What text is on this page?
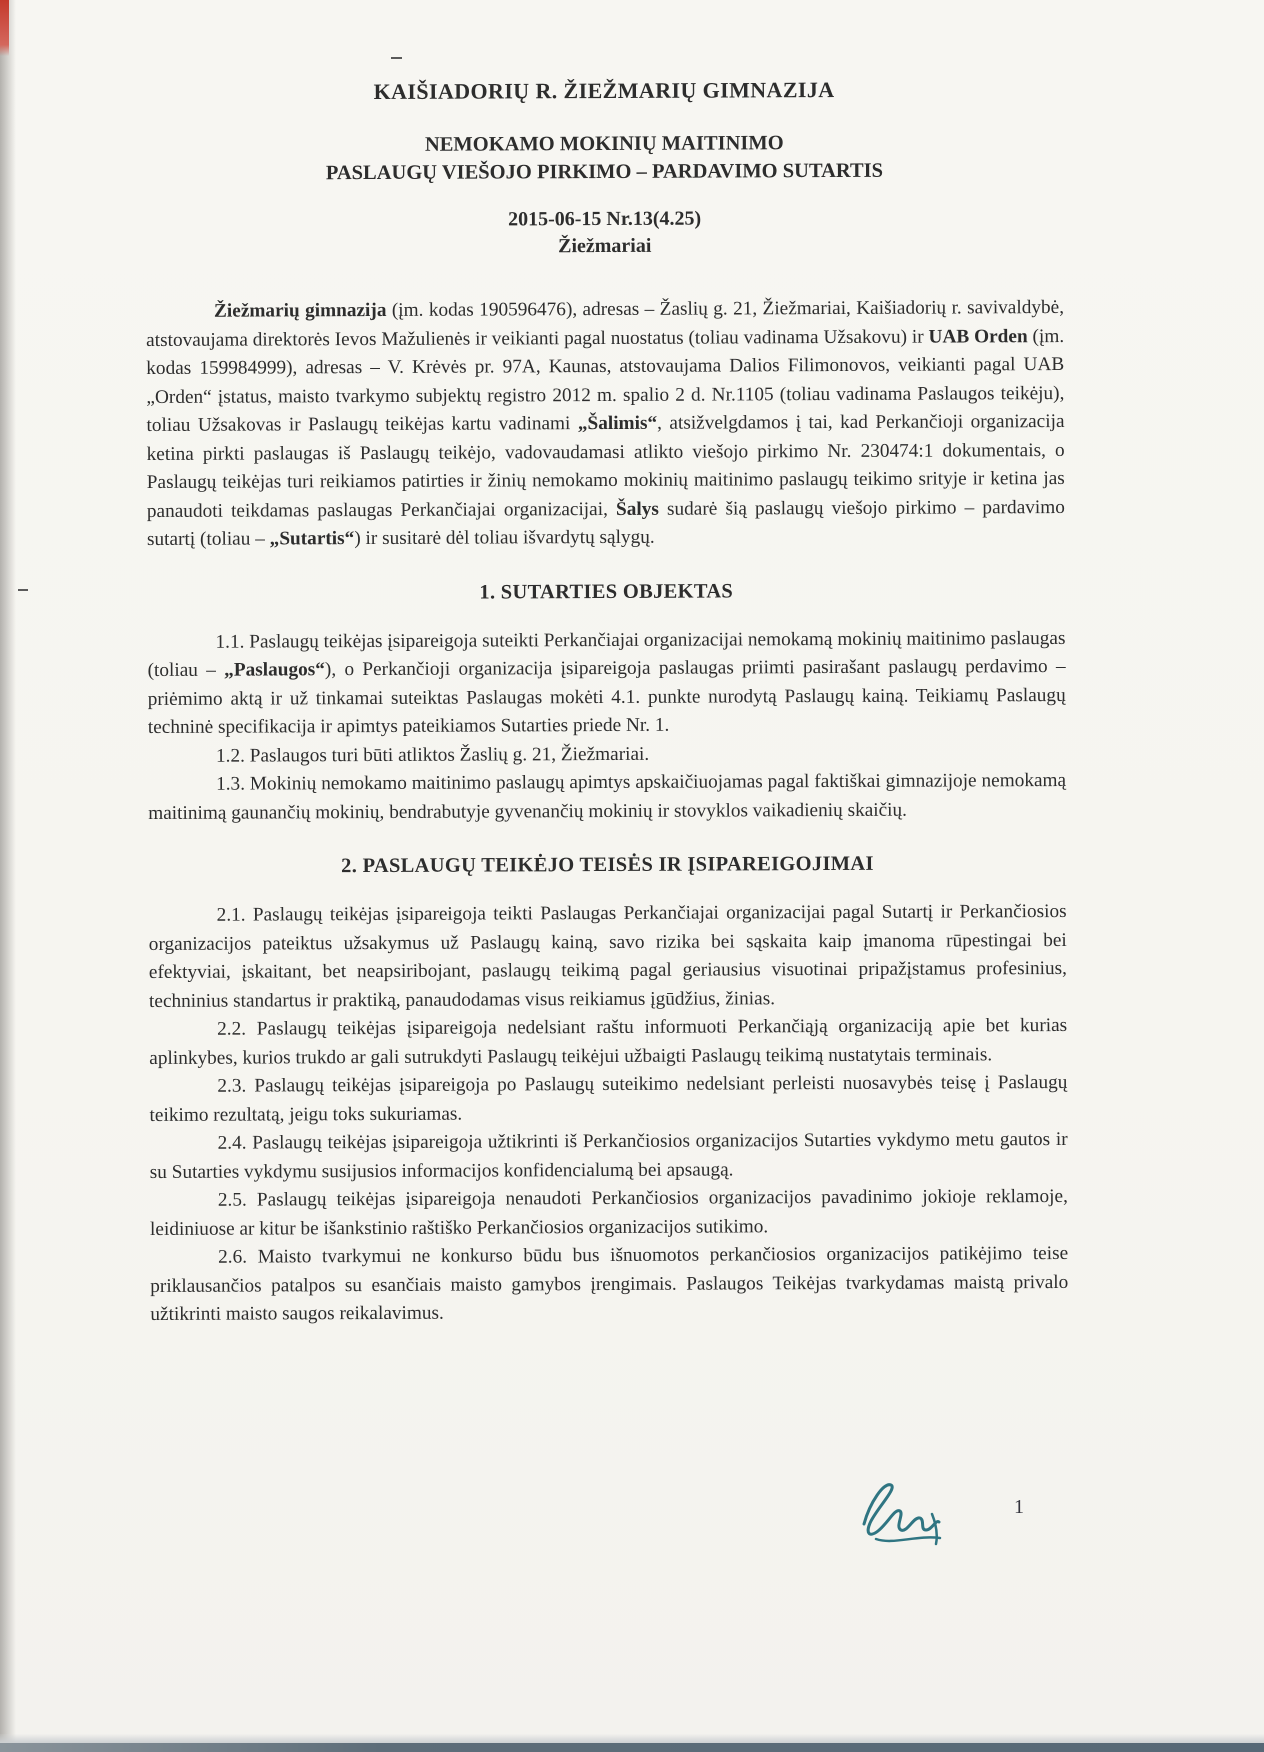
KAIŠIADORIŲ R. ŽIEŽMARIŲ GIMNAZIJA
NEMOKAMO MOKINIŲ MAITINIMO
PASLAUGŲ VIEŠOJO PIRKIMO – PARDAVIMO SUTARTIS
2015-06-15 Nr.13(4.25)
Žiežmariai

Žiežmarių gimnazija (įm. kodas 190596476), adresas – Žaslių g. 21, Žiežmariai, Kaišiadorių r. savivaldybė, atstovaujama direktorės Ievos Mažulienės ir veikianti pagal nuostatus (toliau vadinama Užsakovu) ir UAB Orden (įm. kodas 159984999), adresas – V. Krėvės pr. 97A, Kaunas, atstovaujama Dalios Filimonovos, veikianti pagal UAB „Orden“ įstatus, maisto tvarkymo subjektų registro 2012 m. spalio 2 d. Nr.1105 (toliau vadinama Paslaugos teikėju), toliau Užsakovas ir Paslaugų teikėjas kartu vadinami „Šalimis“, atsižvelgdamos į tai, kad Perkančioji organizacija ketina pirkti paslaugas iš Paslaugų teikėjo, vadovaudamasi atlikto viešojo pirkimo Nr. 230474:1 dokumentais, o Paslaugų teikėjas turi reikiamos patirties ir žinių nemokamo mokinių maitinimo paslaugų teikimo srityje ir ketina jas panaudoti teikdamas paslaugas Perkančiajai organizacijai, Šalys sudarė šią paslaugų viešojo pirkimo – pardavimo sutartį (toliau – „Sutartis“) ir susitarė dėl toliau išvardytų sąlygų.

1. SUTARTIES OBJEKTAS

1.1. Paslaugų teikėjas įsipareigoja suteikti Perkančiajai organizacijai nemokamą mokinių maitinimo paslaugas (toliau – „Paslaugos“), o Perkančioji organizacija įsipareigoja paslaugas priimti pasirašant paslaugų perdavimo – priėmimo aktą ir už tinkamai suteiktas Paslaugas mokėti 4.1. punkte nurodytą Paslaugų kainą. Teikiamų Paslaugų techninė specifikacija ir apimtys pateikiamos Sutarties priede Nr. 1.

1.2. Paslaugos turi būti atliktos Žaslių g. 21, Žiežmariai.

1.3. Mokinių nemokamo maitinimo paslaugų apimtys apskaičiuojamas pagal faktiškai gimnazijoje nemokamą maitinimą gaunančių mokinių, bendrabutyje gyvenančių mokinių ir stovyklos vaikadienių skaičių.

2. PASLAUGŲ TEIKĖJO TEISĖS IR ĮSIPAREIGOJIMAI

2.1. Paslaugų teikėjas įsipareigoja teikti Paslaugas Perkančiajai organizacijai pagal Sutartį ir Perkančiosios organizacijos pateiktus užsakymus už Paslaugų kainą, savo rizika bei sąskaita kaip įmanoma rūpestingai bei efektyviai, įskaitant, bet neapsiribojant, paslaugų teikimą pagal geriausius visuotinai pripažįstamus profesinius, techninius standartus ir praktiką, panaudodamas visus reikiamus įgūdžius, žinias.

2.2. Paslaugų teikėjas įsipareigoja nedelsiant raštu informuoti Perkančiąją organizaciją apie bet kurias aplinkybes, kurios trukdo ar gali sutrukdyti Paslaugų teikėjui užbaigti Paslaugų teikimą nustatytais terminais.

2.3. Paslaugų teikėjas įsipareigoja po Paslaugų suteikimo nedelsiant perleisti nuosavybės teisę į Paslaugų teikimo rezultatą, jeigu toks sukuriamas.

2.4. Paslaugų teikėjas įsipareigoja užtikrinti iš Perkančiosios organizacijos Sutarties vykdymo metu gautos ir su Sutarties vykdymu susijusios informacijos konfidencialumą bei apsaugą.

2.5. Paslaugų teikėjas įsipareigoja nenaudoti Perkančiosios organizacijos pavadinimo jokioje reklamoje, leidiniuose ar kitur be išankstinio raštiško Perkančiosios organizacijos sutikimo.

2.6. Maisto tvarkymui ne konkurso būdu bus išnuomotos perkančiosios organizacijos patikėjimo teise priklausančios patalpos su esančiais maisto gamybos įrengimais. Paslaugos Teikėjas tvarkydamas maistą privalo užtikrinti maisto saugos reikalavimus.

1
